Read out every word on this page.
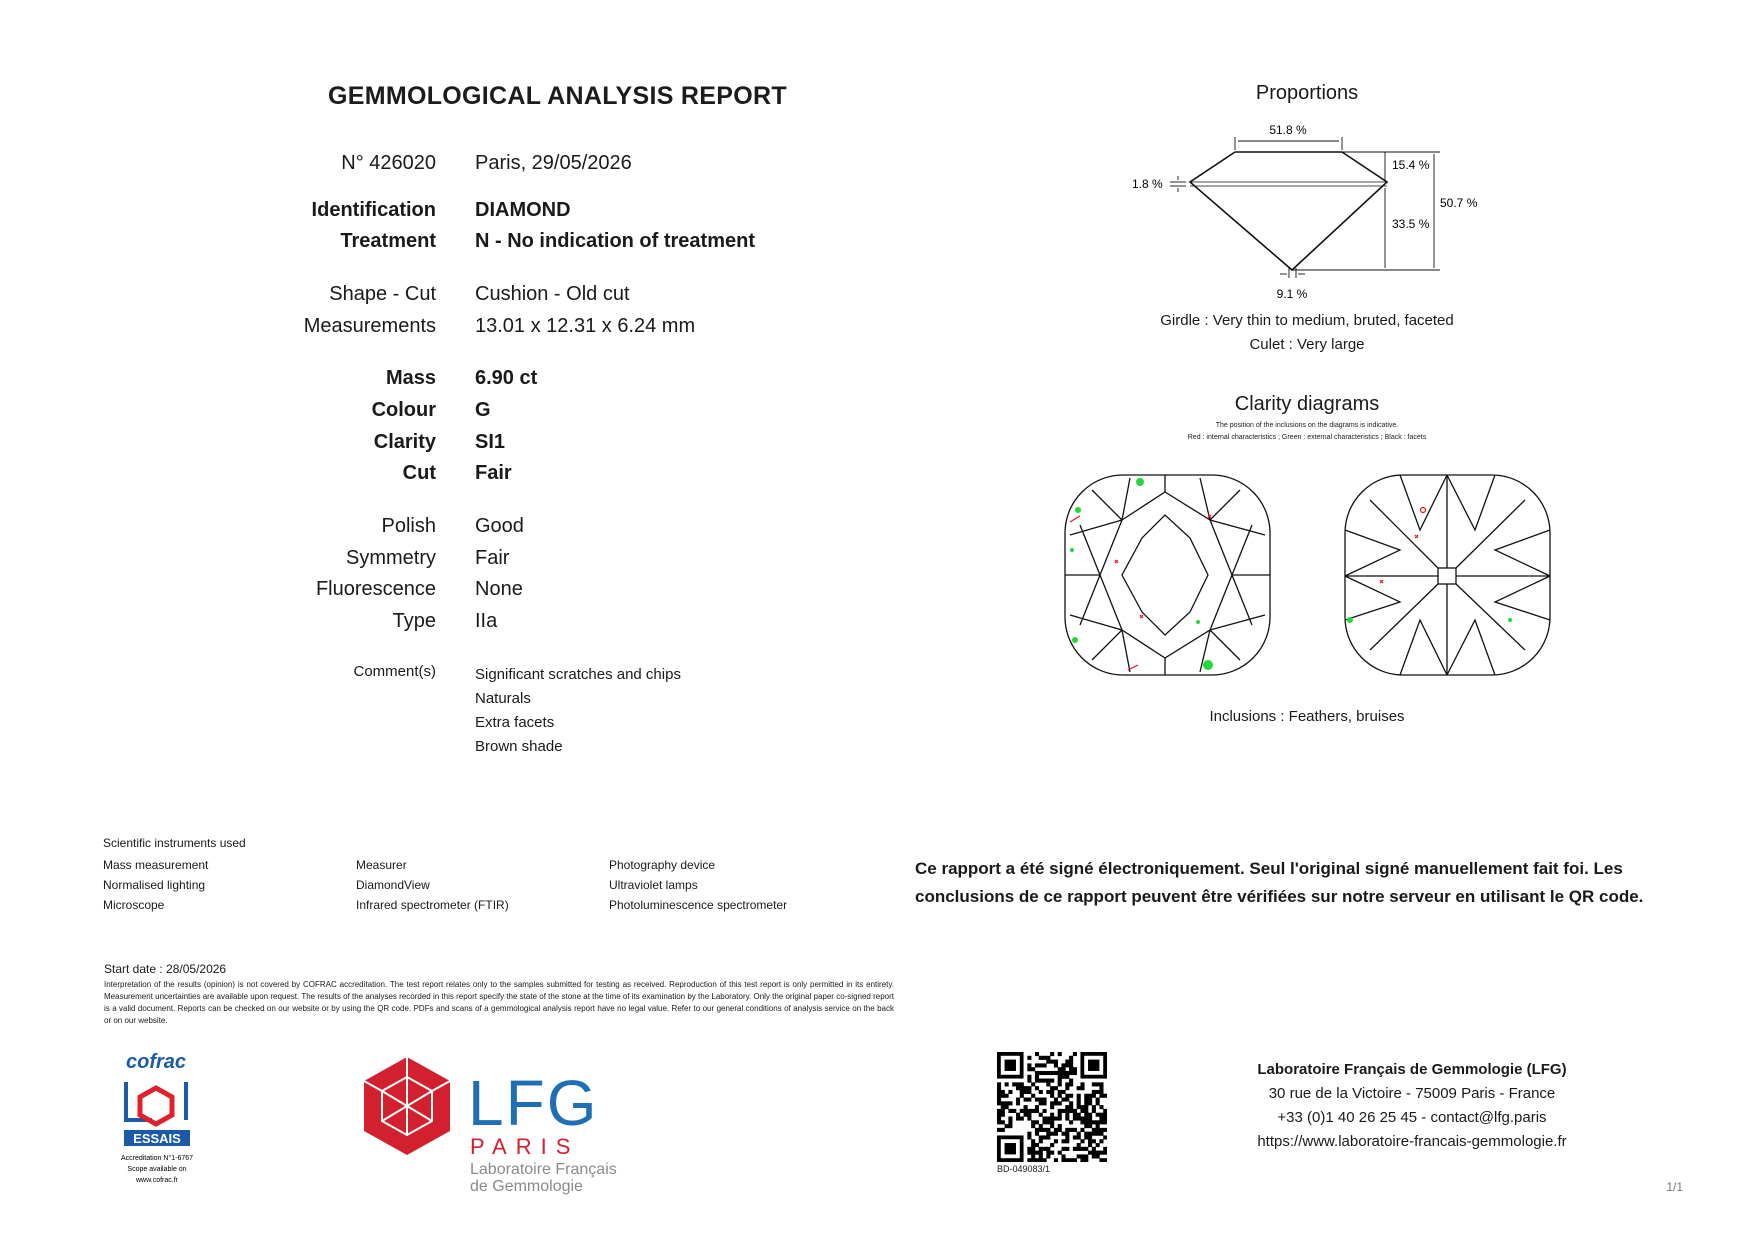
GEMMOLOGICAL ANALYSIS REPORT
N° 426020 Paris, 29/05/2026
Identification DIAMOND
Treatment N - No indication of treatment
Shape - Cut Cushion - Old cut
Measurements 13.01 x 12.31 x 6.24 mm
Mass 6.90 ct
Colour G
Clarity SI1
Cut Fair
Polish Good
Symmetry Fair
Fluorescence None
Type IIa
Comment(s)	Significant scratches and chips
Naturals
Extra facets
Brown shade
Proportions
51.8 %
15.4 %
50.7 %
33.5 %
1.8 %
9.1 %
Girdle : Very thin to medium, bruted, faceted
Culet : Very large
Clarity diagrams
The position of the inclusions on the diagrams is indicative.
Red : internal characteristics ; Green : external characteristics ; Black : facets
Inclusions : Feathers, bruises
Scientific instruments used
Mass measurement
Normalised lighting
Microscope
Measurer
DiamondView
Infrared spectrometer (FTIR)
Photography device
Ultraviolet lamps
Photoluminescence spectrometer
Ce rapport a été signé électroniquement. Seul l'original signé manuellement fait foi. Les conclusions de ce rapport peuvent être vérifiées sur notre serveur en utilisant le QR code.
Start date : 28/05/2026
Interpretation of the results (opinion) is not covered by COFRAC accreditation. The test report relates only to the samples submitted for testing as received. Reproduction of this test report is only permitted in its entirety. Measurement uncertainties are available upon request. The results of the analyses recorded in this report specify the state of the stone at the time of its examination by the Laboratory. Only the original paper co-signed report is a valid document. Reports can be checked on our website or by using the QR code. PDFs and scans of a gemmological analysis report have no legal value. Refer to our general conditions of analysis service on the back or on our website.
cofrac
ESSAIS
Accreditation N°1-6767
Scope available on
www.cofrac.fr
LFG
PARIS
Laboratoire Français
de Gemmologie
BD-049083/1
Laboratoire Français de Gemmologie (LFG)
30 rue de la Victoire - 75009 Paris - France
+33 (0)1 40 26 25 45 - contact@lfg.paris
https://www.laboratoire-francais-gemmologie.fr
1/1
